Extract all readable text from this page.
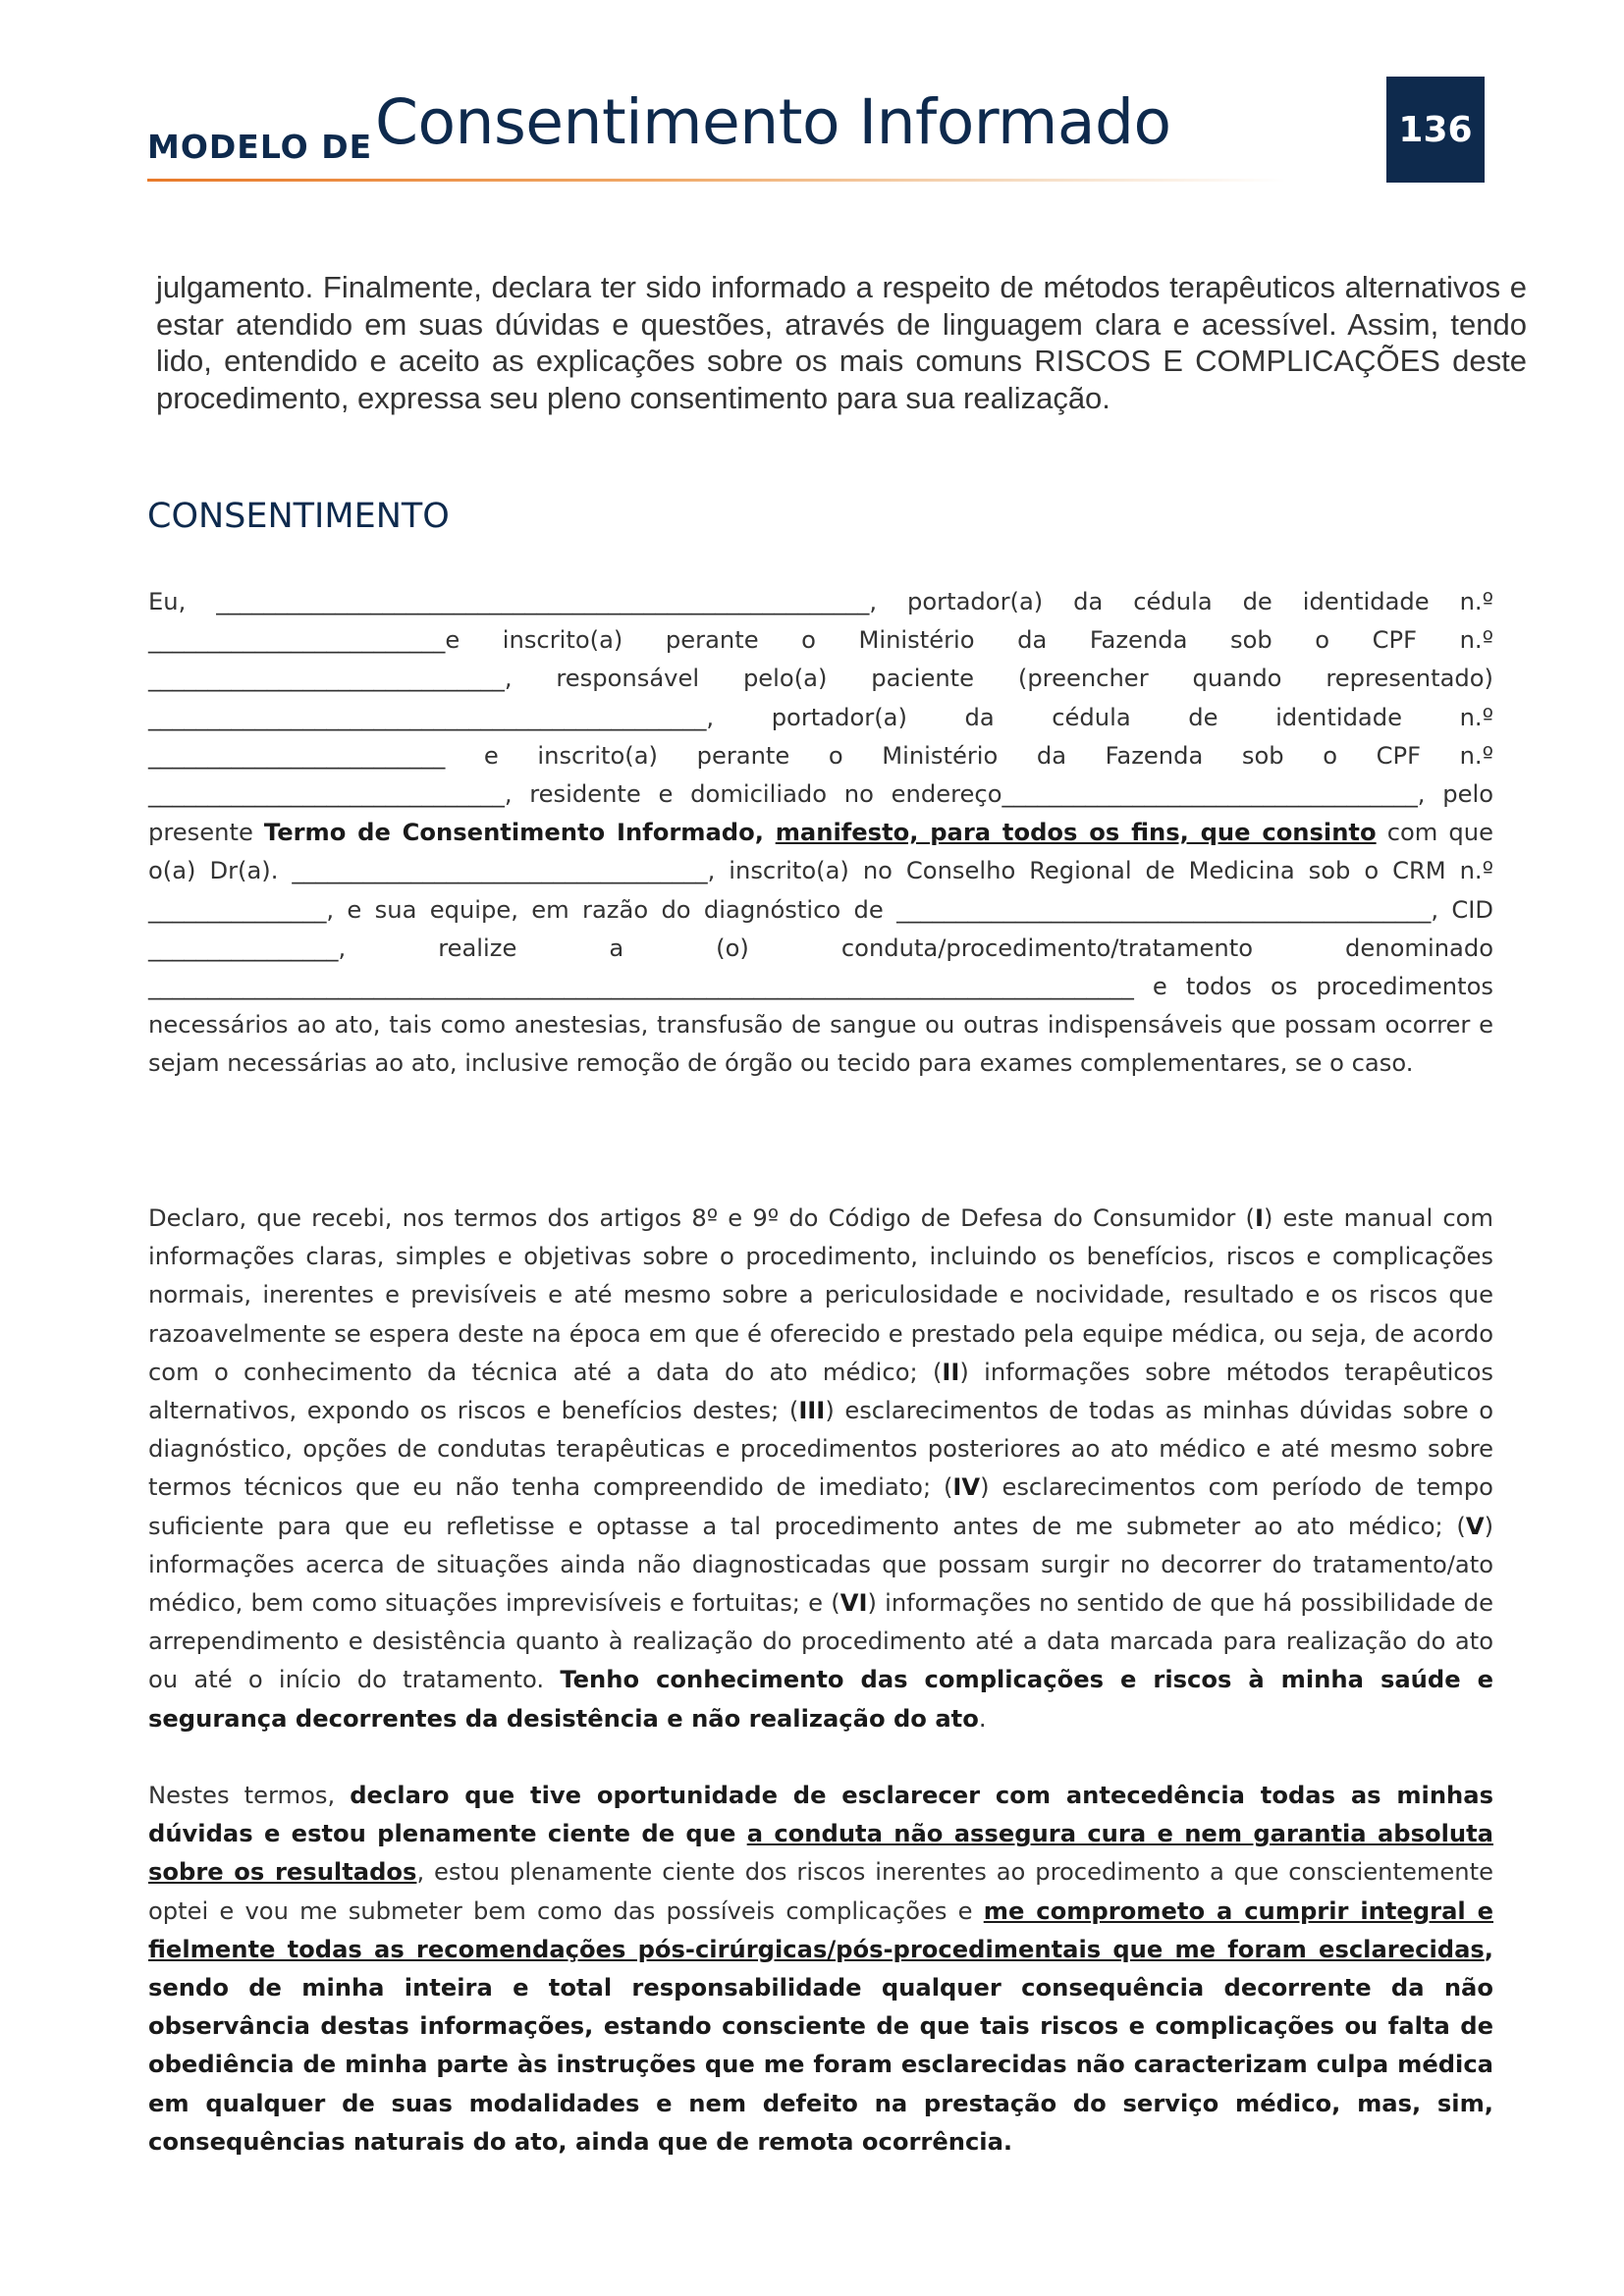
MODELO DE Consentimento Informado	136

julgamento. Finalmente, declara ter sido informado a respeito de métodos terapêuticos alternativos e estar atendido em suas dúvidas e questões, através de linguagem clara e acessível. Assim, tendo lido, entendido e aceito as explicações sobre os mais comuns RISCOS E COMPLICAÇÕES deste procedimento, expressa seu pleno consentimento para sua realização.

CONSENTIMENTO

Eu, _______________________________________________________, portador(a) da cédula de identidade n.º _________________________e inscrito(a) perante o Ministério da Fazenda sob o CPF n.º ______________________________, responsável pelo(a) paciente (preencher quando representado) _______________________________________________, portador(a) da cédula de identidade n.º _________________________ e inscrito(a) perante o Ministério da Fazenda sob o CPF n.º ______________________________, residente e domiciliado no endereço___________________________________, pelo presente Termo de Consentimento Informado, manifesto, para todos os fins, que consinto com que o(a) Dr(a). ___________________________________, inscrito(a) no Conselho Regional de Medicina sob o CRM n.º _______________, e sua equipe, em razão do diagnóstico de _____________________________________________, CID ________________, realize a (o) conduta/procedimento/tratamento denominado ___________________________________________________________________________________ e todos os procedimentos necessários ao ato, tais como anestesias, transfusão de sangue ou outras indispensáveis que possam ocorrer e sejam necessárias ao ato, inclusive remoção de órgão ou tecido para exames complementares, se o caso.

Declaro, que recebi, nos termos dos artigos 8º e 9º do Código de Defesa do Consumidor (I) este manual com informações claras, simples e objetivas sobre o procedimento, incluindo os benefícios, riscos e complicações normais, inerentes e previsíveis e até mesmo sobre a periculosidade e nocividade, resultado e os riscos que razoavelmente se espera deste na época em que é oferecido e prestado pela equipe médica, ou seja, de acordo com o conhecimento da técnica até a data do ato médico; (II) informações sobre métodos terapêuticos alternativos, expondo os riscos e benefícios destes; (III) esclarecimentos de todas as minhas dúvidas sobre o diagnóstico, opções de condutas terapêuticas e procedimentos posteriores ao ato médico e até mesmo sobre termos técnicos que eu não tenha compreendido de imediato; (IV) esclarecimentos com período de tempo suficiente para que eu refletisse e optasse a tal procedimento antes de me submeter ao ato médico; (V) informações acerca de situações ainda não diagnosticadas que possam surgir no decorrer do tratamento/ato médico, bem como situações imprevisíveis e fortuitas; e (VI) informações no sentido de que há possibilidade de arrependimento e desistência quanto à realização do procedimento até a data marcada para realização do ato ou até o início do tratamento. Tenho conhecimento das complicações e riscos à minha saúde e segurança decorrentes da desistência e não realização do ato.

Nestes termos, declaro que tive oportunidade de esclarecer com antecedência todas as minhas dúvidas e estou plenamente ciente de que a conduta não assegura cura e nem garantia absoluta sobre os resultados, estou plenamente ciente dos riscos inerentes ao procedimento a que conscientemente optei e vou me submeter bem como das possíveis complicações e me comprometo a cumprir integral e fielmente todas as recomendações pós-cirúrgicas/pós-procedimentais que me foram esclarecidas, sendo de minha inteira e total responsabilidade qualquer consequência decorrente da não observância destas informações, estando consciente de que tais riscos e complicações ou falta de obediência de minha parte às instruções que me foram esclarecidas não caracterizam culpa médica em qualquer de suas modalidades e nem defeito na prestação do serviço médico, mas, sim, consequências naturais do ato, ainda que de remota ocorrência.
